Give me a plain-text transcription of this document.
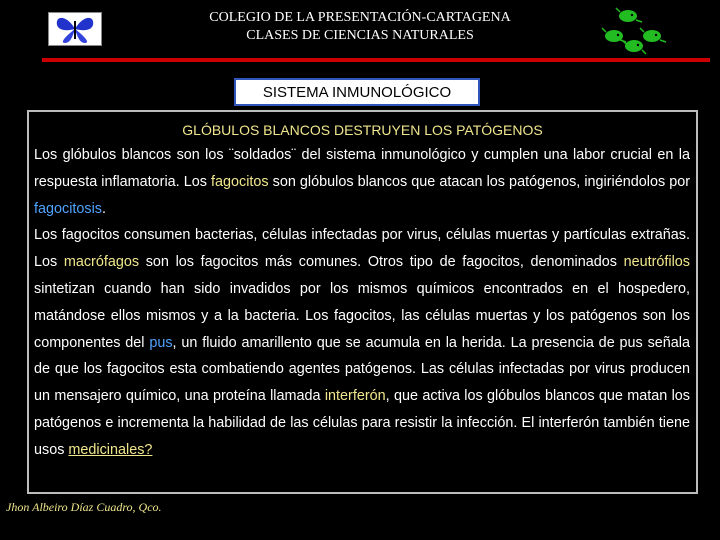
COLEGIO DE LA PRESENTACIÓN-CARTAGENA
CLASES DE CIENCIAS NATURALES
SISTEMA INMUNOLÓGICO
GLÓBULOS BLANCOS DESTRUYEN LOS PATÓGENOS

Los glóbulos blancos son los ¨soldados¨ del sistema inmunológico y cumplen una labor crucial en la respuesta inflamatoria. Los fagocitos son glóbulos blancos que atacan los patógenos, ingiriéndolos por fagocitosis.

Los fagocitos consumen bacterias, células infectadas por virus, células muertas y partículas extrañas. Los macrófagos son los fagocitos más comunes. Otros tipo de fagocitos, denominados neutrófilos sintetizan cuando han sido invadidos por los mismos químicos encontrados en el hospedero, matándose ellos mismos y a la bacteria. Los fagocitos, las células muertas y los patógenos son los componentes del pus, un fluido amarillento que se acumula en la herida. La presencia de pus señala de que los fagocitos esta combatiendo agentes patógenos. Las células infectadas por virus producen un mensajero químico, una proteína llamada interferón, que activa los glóbulos blancos que matan los patógenos e incrementa la habilidad de las células para resistir la infección. El interferón también tiene usos medicinales?

Jhon Albeiro Díaz Cuadro, Qco.
